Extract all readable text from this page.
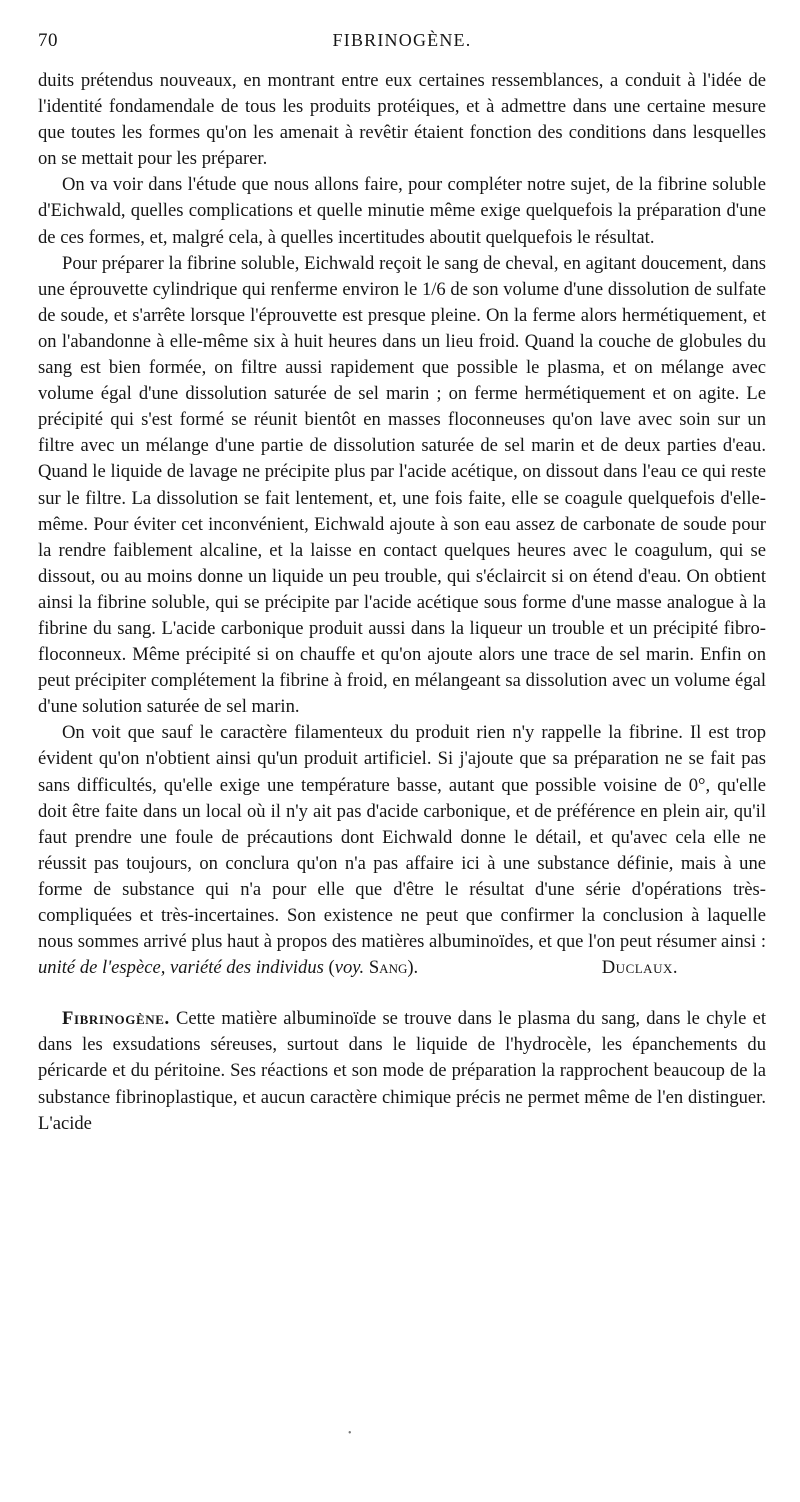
70	FIBRINOGÈNE.

duits prétendus nouveaux, en montrant entre eux certaines ressemblances, a conduit à l'idée de l'identité fondamendale de tous les produits protéiques, et à admettre dans une certaine mesure que toutes les formes qu'on les amenait à revêtir étaient fonction des conditions dans lesquelles on se mettait pour les préparer.

On va voir dans l'étude que nous allons faire, pour compléter notre sujet, de la fibrine soluble d'Eichwald, quelles complications et quelle minutie même exige quelquefois la préparation d'une de ces formes, et, malgré cela, à quelles incertitudes aboutit quelquefois le résultat.

Pour préparer la fibrine soluble, Eichwald reçoit le sang de cheval, en agitant doucement, dans une éprouvette cylindrique qui renferme environ le 1/6 de son volume d'une dissolution de sulfate de soude, et s'arrête lorsque l'éprouvette est presque pleine. On la ferme alors hermétiquement, et on l'abandonne à elle-même six à huit heures dans un lieu froid. Quand la couche de globules du sang est bien formée, on filtre aussi rapidement que possible le plasma, et on mélange avec volume égal d'une dissolution saturée de sel marin ; on ferme hermétiquement et on agite. Le précipité qui s'est formé se réunit bientôt en masses floconneuses qu'on lave avec soin sur un filtre avec un mélange d'une partie de dissolution saturée de sel marin et de deux parties d'eau. Quand le liquide de lavage ne précipite plus par l'acide acétique, on dissout dans l'eau ce qui reste sur le filtre. La dissolution se fait lentement, et, une fois faite, elle se coagule quelquefois d'elle-même. Pour éviter cet inconvénient, Eichwald ajoute à son eau assez de carbonate de soude pour la rendre faiblement alcaline, et la laisse en contact quelques heures avec le coagulum, qui se dissout, ou au moins donne un liquide un peu trouble, qui s'éclaircit si on étend d'eau. On obtient ainsi la fibrine soluble, qui se précipite par l'acide acétique sous forme d'une masse analogue à la fibrine du sang. L'acide carbonique produit aussi dans la liqueur un trouble et un précipité fibro-floconneux. Même précipité si on chauffe et qu'on ajoute alors une trace de sel marin. Enfin on peut précipiter complétement la fibrine à froid, en mélangeant sa dissolution avec un volume égal d'une solution saturée de sel marin.

On voit que sauf le caractère filamenteux du produit rien n'y rappelle la fibrine. Il est trop évident qu'on n'obtient ainsi qu'un produit artificiel. Si j'ajoute que sa préparation ne se fait pas sans difficultés, qu'elle exige une température basse, autant que possible voisine de 0°, qu'elle doit être faite dans un local où il n'y ait pas d'acide carbonique, et de préférence en plein air, qu'il faut prendre une foule de précautions dont Eichwald donne le détail, et qu'avec cela elle ne réussit pas toujours, on conclura qu'on n'a pas affaire ici à une substance définie, mais à une forme de substance qui n'a pour elle que d'être le résultat d'une série d'opérations très-compliquées et très-incertaines. Son existence ne peut que confirmer la conclusion à laquelle nous sommes arrivé plus haut à propos des matières albuminoïdes, et que l'on peut résumer ainsi : unité de l'espèce, variété des individus (voy. Sang).	Duclaux.

Fibrinogène. Cette matière albuminoïde se trouve dans le plasma du sang, dans le chyle et dans les exsudations séreuses, surtout dans le liquide de l'hydrocèle, les épanchements du péricarde et du péritoine. Ses réactions et son mode de préparation la rapprochent beaucoup de la substance fibrinoplastique, et aucun caractère chimique précis ne permet même de l'en distinguer. L'acide

•
